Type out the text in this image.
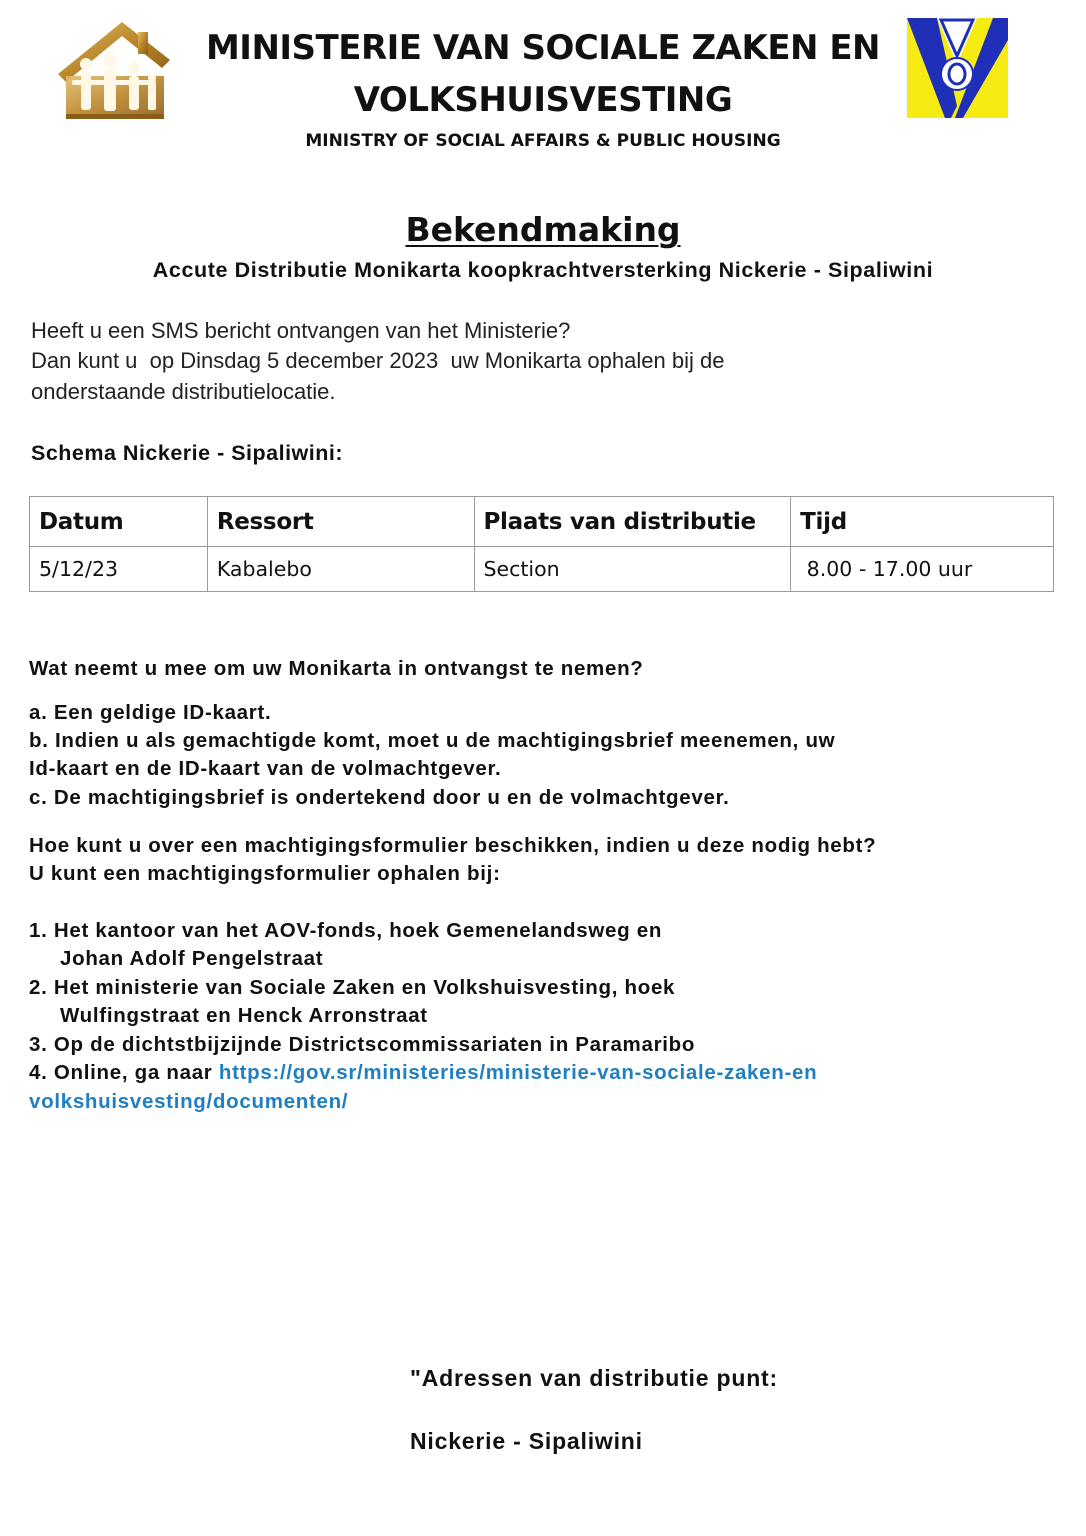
MINISTERIE VAN SOCIALE ZAKEN EN
VOLKSHUISVESTING
MINISTRY OF SOCIAL AFFAIRS & PUBLIC HOUSING
Bekendmaking
Accute Distributie Monikarta koopkrachtversterking Nickerie - Sipaliwini
Heeft u een SMS bericht ontvangen van het Ministerie?
Dan kunt u  op Dinsdag 5 december 2023  uw Monikarta ophalen bij de
onderstaande distributielocatie.
Schema Nickerie - Sipaliwini:
Datum	Ressort	Plaats van distributie	Tijd
5/12/23	Kabalebo	Section	8.00 - 17.00 uur
Wat neemt u mee om uw Monikarta in ontvangst te nemen?
a. Een geldige ID-kaart.
b. Indien u als gemachtigde komt, moet u de machtigingsbrief meenemen, uw
Id-kaart en de ID-kaart van de volmachtgever.
c. De machtigingsbrief is ondertekend door u en de volmachtgever.
Hoe kunt u over een machtigingsformulier beschikken, indien u deze nodig hebt?
U kunt een machtigingsformulier ophalen bij:
1. Het kantoor van het AOV-fonds, hoek Gemenelandsweg en
Johan Adolf Pengelstraat
2. Het ministerie van Sociale Zaken en Volkshuisvesting, hoek
Wulfingstraat en Henck Arronstraat
3. Op de dichtstbijzijnde Districtscommissariaten in Paramaribo
4. Online, ga naar https://gov.sr/ministeries/ministerie-van-sociale-zaken-en
volkshuisvesting/documenten/
"Adressen van distributie punt:
Nickerie - Sipaliwini
